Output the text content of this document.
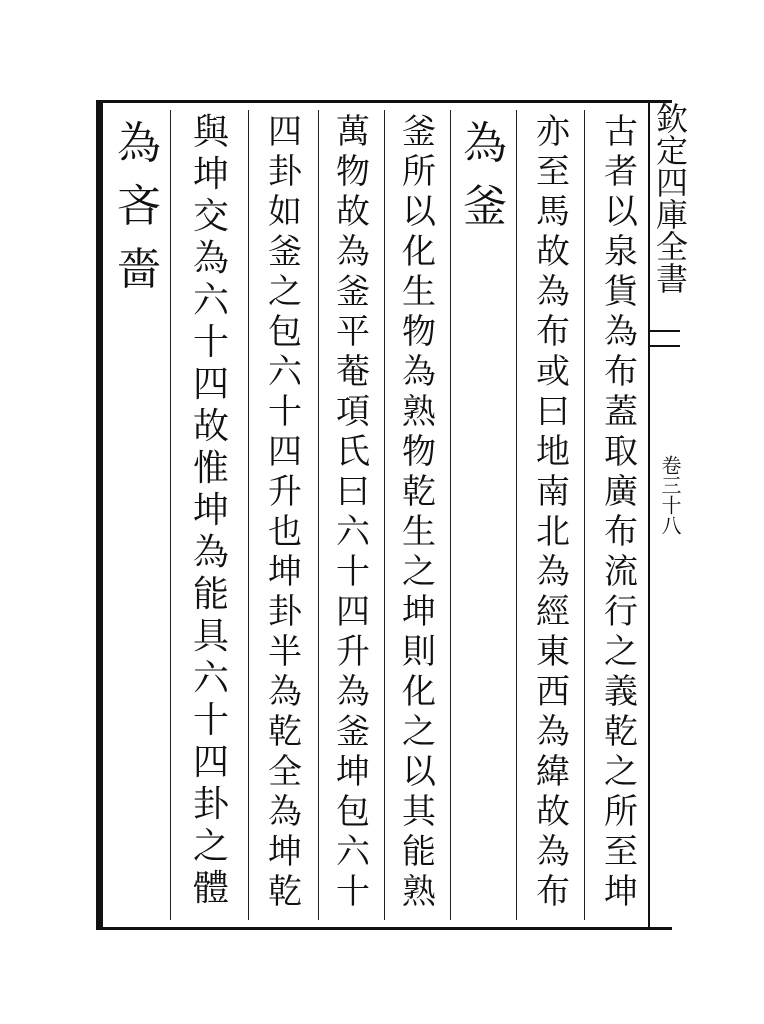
欽定四庫全書
卷三十八
古
者
以
泉
貨
為
布
蓋
取
廣
布
流
行
之
義
乾
之
所
至
坤
亦
至
馬
故
為
布
或
曰
地
南
北
為
經
東
西
為
緯
故
為
布
為
釜
釜
所
以
化
生
物
為
熟
物
乾
生
之
坤
則
化
之
以
其
能
熟
萬
物
故
為
釜
平
菴
項
氏
曰
六
十
四
升
為
釜
坤
包
六
十
四
卦
如
釜
之
包
六
十
四
升
也
坤
卦
半
為
乾
全
為
坤
乾
與
坤
交
為
六
十
四
故
惟
坤
為
能
具
六
十
四
卦
之
體
為
吝
嗇
